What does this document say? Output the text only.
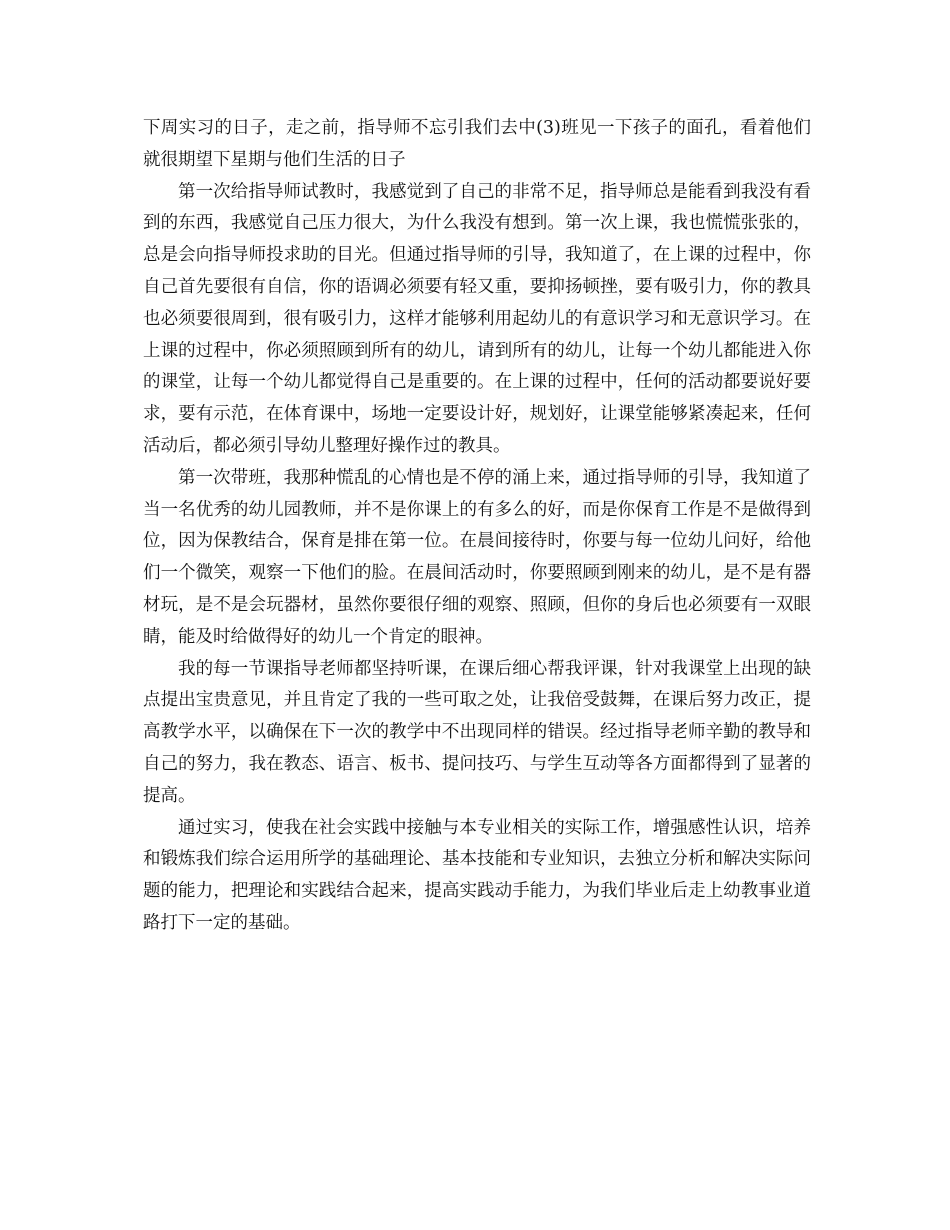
下周实习的日子，走之前，指导师不忘引我们去中(3)班见一下孩子的面孔，看着他们就很期望下星期与他们生活的日子

第一次给指导师试教时，我感觉到了自己的非常不足，指导师总是能看到我没有看到的东西，我感觉自己压力很大，为什么我没有想到。第一次上课，我也慌慌张张的，总是会向指导师投求助的目光。但通过指导师的引导，我知道了，在上课的过程中，你自己首先要很有自信，你的语调必须要有轻又重，要抑扬顿挫，要有吸引力，你的教具也必须要很周到，很有吸引力，这样才能够利用起幼儿的有意识学习和无意识学习。在上课的过程中，你必须照顾到所有的幼儿，请到所有的幼儿，让每一个幼儿都能进入你的课堂，让每一个幼儿都觉得自己是重要的。在上课的过程中，任何的活动都要说好要求，要有示范，在体育课中，场地一定要设计好，规划好，让课堂能够紧凑起来，任何活动后，都必须引导幼儿整理好操作过的教具。

第一次带班，我那种慌乱的心情也是不停的涌上来，通过指导师的引导，我知道了当一名优秀的幼儿园教师，并不是你课上的有多么的好，而是你保育工作是不是做得到位，因为保教结合，保育是排在第一位。在晨间接待时，你要与每一位幼儿问好，给他们一个微笑，观察一下他们的脸。在晨间活动时，你要照顾到刚来的幼儿，是不是有器材玩，是不是会玩器材，虽然你要很仔细的观察、照顾，但你的身后也必须要有一双眼睛，能及时给做得好的幼儿一个肯定的眼神。

我的每一节课指导老师都坚持听课，在课后细心帮我评课，针对我课堂上出现的缺点提出宝贵意见，并且肯定了我的一些可取之处，让我倍受鼓舞，在课后努力改正，提高教学水平，以确保在下一次的教学中不出现同样的错误。经过指导老师辛勤的教导和自己的努力，我在教态、语言、板书、提问技巧、与学生互动等各方面都得到了显著的提高。

通过实习，使我在社会实践中接触与本专业相关的实际工作，增强感性认识，培养和锻炼我们综合运用所学的基础理论、基本技能和专业知识，去独立分析和解决实际问题的能力，把理论和实践结合起来，提高实践动手能力，为我们毕业后走上幼教事业道路打下一定的基础。
